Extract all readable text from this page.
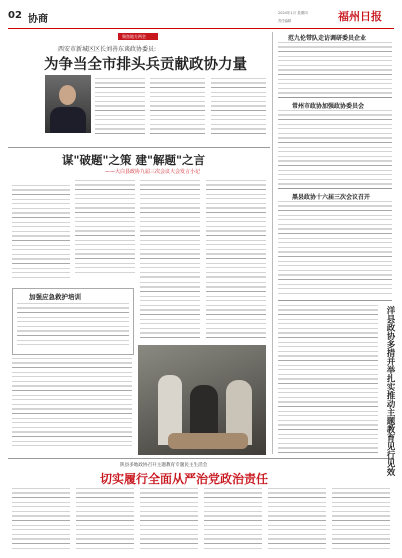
02 协商
2024年1月 星期四	福州日报
责任编辑
聚焦地方两会
西安市新城区区长刘善东谈政协委员:
为争当全市排头兵贡献政协力量
谋"破题"之策 建"解题"之言
——大白县政协九届三次会议大会发言小记
加强应急救护培训
陕县多地政协召开主题教育专题民主生活会
切实履行全面从严治党政治责任
范九伦带队走访调研委员企业
常州市政协加强政协委员会
黑县政协十六届三次会议召开
洋县政协多措并举扎实推动主题教育见行见效
